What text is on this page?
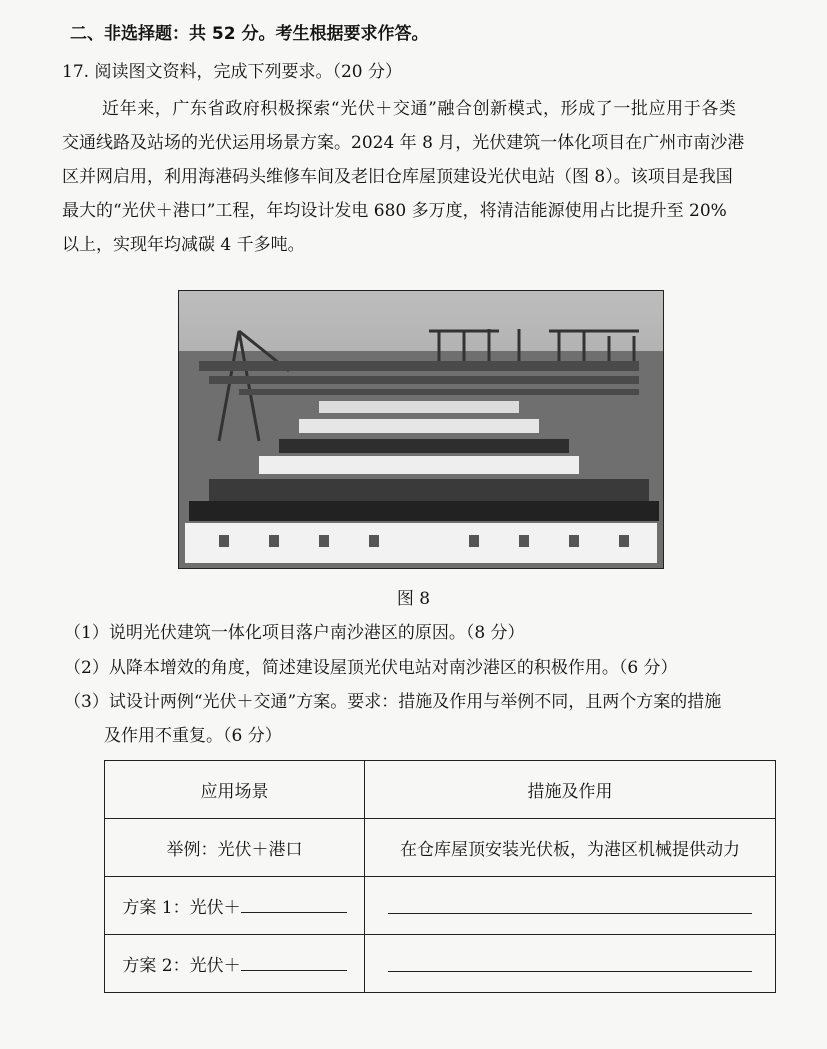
二、非选择题：共 52 分。考生根据要求作答。
17. 阅读图文资料，完成下列要求。（20 分）
近年来，广东省政府积极探索“光伏＋交通”融合创新模式，形成了一批应用于各类
交通线路及站场的光伏运用场景方案。2024 年 8 月，光伏建筑一体化项目在广州市南沙港
区并网启用，利用海港码头维修车间及老旧仓库屋顶建设光伏电站（图 8）。该项目是我国
最大的“光伏＋港口”工程，年均设计发电 680 多万度，将清洁能源使用占比提升至 20%
以上，实现年均减碳 4 千多吨。
图 8
（1）说明光伏建筑一体化项目落户南沙港区的原因。（8 分）
（2）从降本增效的角度，简述建设屋顶光伏电站对南沙港区的积极作用。（6 分）
（3）试设计两例“光伏＋交通”方案。要求：措施及作用与举例不同，且两个方案的措施
及作用不重复。（6 分）
应用场景	措施及作用
举例：光伏＋港口	在仓库屋顶安装光伏板，为港区机械提供动力
方案 1：光伏＋	
方案 2：光伏＋	
